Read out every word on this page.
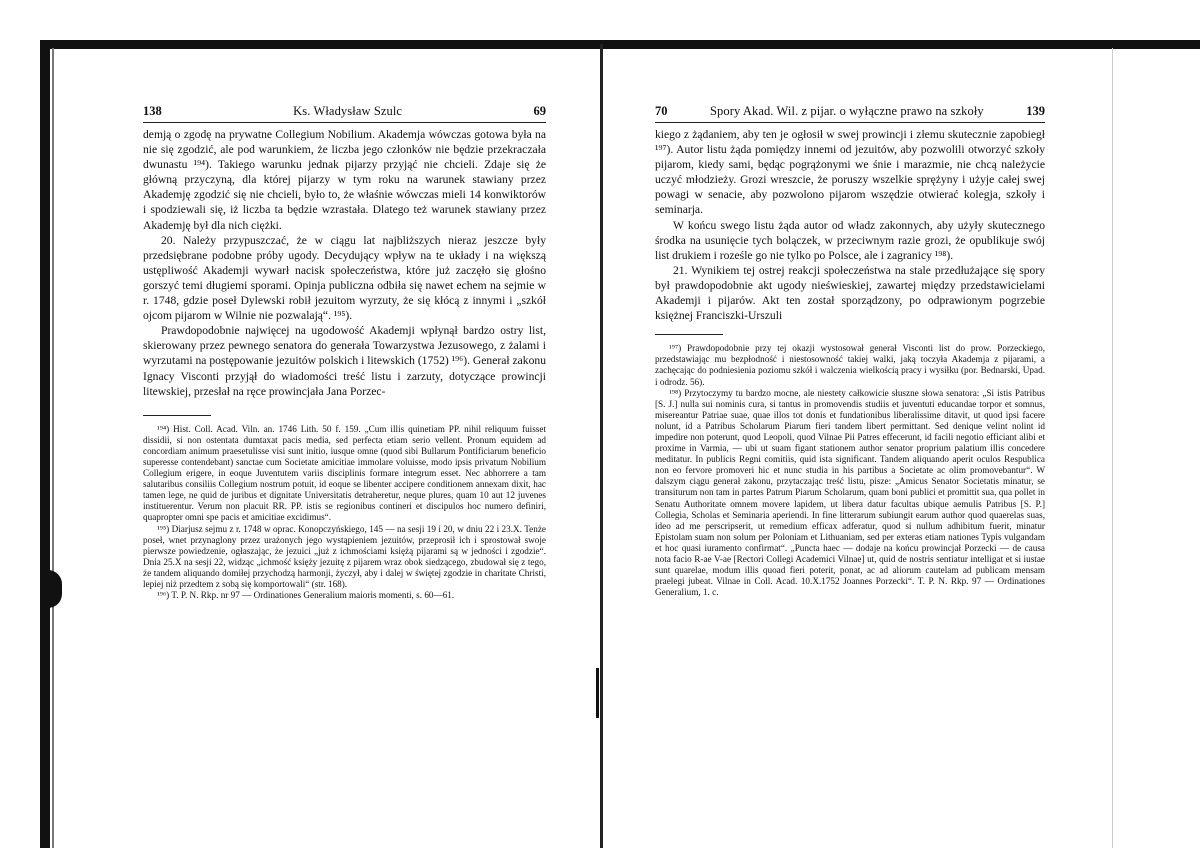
138	Ks. Władysław Szulc	69

demją o zgodę na prywatne Collegium Nobilium. Akademja wówczas gotowa była na nie się zgodzić, ale pod warunkiem, że liczba jego członków nie będzie przekraczała dwunastu ¹⁹⁴). Takiego warunku jednak pijarzy przyjąć nie chcieli. Zdaje się że główną przyczyną, dla której pijarzy w tym roku na warunek stawiany przez Akademję zgodzić się nie chcieli, było to, że właśnie wówczas mieli 14 konwiktorów i spodziewali się, iż liczba ta będzie wzrastała. Dlatego też warunek stawiany przez Akademję był dla nich ciężki.

20. Należy przypuszczać, że w ciągu lat najbliższych nieraz jeszcze były przedsiębrane podobne próby ugody. Decydujący wpływ na te układy i na większą ustępliwość Akademji wywarł nacisk społeczeństwa, które już zaczęło się głośno gorszyć temi długiemi sporami. Opinja publiczna odbiła się nawet echem na sejmie w r. 1748, gdzie poseł Dylewski robił jezuitom wyrzuty, że się kłócą z innymi i „szkół ojcom pijarom w Wilnie nie pozwalają“. ¹⁹⁵).

Prawdopodobnie najwięcej na ugodowość Akademji wpłynął bardzo ostry list, skierowany przez pewnego senatora do generała Towarzystwa Jezusowego, z żalami i wyrzutami na postępowanie jezuitów polskich i litewskich (1752) ¹⁹⁶). Generał zakonu Ignacy Visconti przyjął do wiadomości treść listu i zarzuty, dotyczące prowincji litewskiej, przesłał na ręce prowincjała Jana Porzec-

¹⁹⁴) Hist. Coll. Acad. Viln. an. 1746 Lith. 50 f. 159. „Cum illis quinetiam PP. nihil reliquum fuisset dissidii, si non ostentata dumtaxat pacis media, sed perfecta etiam serio vellent. Pronum equidem ad concordiam animum praesetulisse visi sunt initio, iusque omne (quod sibi Bullarum Pontificiarum beneficio superesse contendebant) sanctae cum Societate amicitiae immolare voluisse, modo ipsis privatum Nobilium Collegium erigere, in eoque Juventutem variis disciplinis formare integrum esset. Nec abhorrere a tam salutaribus consiliis Collegium nostrum potuit, id eoque se libenter accipere conditionem annexam dixit, hac tamen lege, ne quid de juribus et dignitate Universitatis detraheretur, neque plures, quam 10 aut 12 juvenes instituerentur. Verum non placuit RR. PP. istis se regionibus contineri et discipulos hoc numero definiri, quapropter omni spe pacis et amicitiae excidimus“.

¹⁹⁵) Diarjusz sejmu z r. 1748 w oprac. Konopczyńskiego, 145 — na sesji 19 i 20, w dniu 22 i 23.X. Tenże poseł, wnet przynaglony przez urażonych jego wystąpieniem jezuitów, przeprosił ich i sprostował swoje pierwsze powiedzenie, ogłaszając, że jezuici „już z ichmościami księżą pijarami są w jedności i zgodzie“. Dnia 25.X na sesji 22, widząc „ichmość księży jezuitę z pijarem wraz obok siedzącego, zbudował się z tego, że tandem aliquando domiłej przychodzą harmonji, życzył, aby i dalej w świętej zgodzie in charitate Christi, lepiej niż przedtem z sobą się komportowali“ (str. 168).

¹⁹⁶) T. P. N. Rkp. nr 97 — Ordinationes Generalium maioris momenti, s. 60—61.

70	Spory Akad. Wil. z pijar. o wyłączne prawo na szkoły	139

kiego z żądaniem, aby ten je ogłosił w swej prowincji i złemu skutecznie zapobiegł ¹⁹⁷). Autor listu żąda pomiędzy innemi od jezuitów, aby pozwolili otworzyć szkoły pijarom, kiedy sami, będąc pogrążonymi we śnie i marazmie, nie chcą należycie uczyć młodzieży. Grozi wreszcie, że poruszy wszelkie sprężyny i użyje całej swej powagi w senacie, aby pozwolono pijarom wszędzie otwierać kolegja, szkoły i seminarja.

W końcu swego listu żąda autor od władz zakonnych, aby użyły skutecznego środka na usunięcie tych bolączek, w przeciwnym razie grozi, że opublikuje swój list drukiem i roześle go nie tylko po Polsce, ale i zagranicy ¹⁹⁸).

21. Wynikiem tej ostrej reakcji społeczeństwa na stale przedłużające się spory był prawdopodobnie akt ugody nieświeskiej, zawartej między przedstawicielami Akademji i pijarów. Akt ten został sporządzony, po odprawionym pogrzebie księżnej Franciszki-Urszuli

¹⁹⁷) Prawdopodobnie przy tej okazji wystosował generał Visconti list do prow. Porzeckiego, przedstawiając mu bezpłodność i niestosowność takiej walki, jaką toczyła Akademja z pijarami, a zachęcając do podniesienia poziomu szkół i walczenia wielkością pracy i wysiłku (por. Bednarski, Upad. i odrodz. 56).

¹⁹⁸) Przytoczymy tu bardzo mocne, ale niestety całkowicie słuszne słowa senatora: „Si istis Patribus [S. J.] nulla sui nominis cura, si tantus in promovendis studiis et juventuti educandae torpor et somnus, misereantur Patriae suae, quae illos tot donis et fundationibus liberalissime ditavit, ut quod ipsi facere nolunt, id a Patribus Scholarum Piarum fieri tandem libert permittant. Sed denique velint nolint id impedire non poterunt, quod Leopoli, quod Vilnae Pii Patres effecerunt, id facili negotio efficiant alibi et proxime in Varmia, — ubi ut suam figant stationem author senator proprium palatium illis concedere meditatur. In publicis Regni comitiis, quid ista significant. Tandem aliquando aperit oculos Respublica non eo fervore promoveri hic et nunc studia in his partibus a Societate ac olim promovebantur“. W dalszym ciągu generał zakonu, przytaczając treść listu, pisze: „Amicus Senator Societatis minatur, se transiturum non tam in partes Patrum Piarum Scholarum, quam boni publici et promittit sua, qua pollet in Senatu Authoritate omnem movere lapidem, ut libera datur facultas ubique aemulis Patribus [S. P.] Collegia, Scholas et Seminaria aperiendi. In fine litterarum subiungit earum author quod quaerelas suas, ideo ad me perscripserit, ut remedium efficax adferatur, quod si nullum adhibitum fuerit, minatur Epistolam suam non solum per Poloniam et Lithuaniam, sed per exteras etiam nationes Typis vulgandam et hoc quasi iuramento confirmat“. „Puncta haec — dodaje na końcu prowincjał Porzecki — de causa nota facio R-ae V-ae [Rectori Collegi Academici Vilnae] ut, quid de nostris sentiatur intelligat et si iustae sunt quarelae, modum illis quoad fieri poterit, ponat, ac ad aliorum cautelam ad publicam mensam praelegi jubeat. Vilnae in Coll. Acad. 10.X.1752 Joannes Porzecki“. T. P. N. Rkp. 97 — Ordinationes Generalium, 1. c.
